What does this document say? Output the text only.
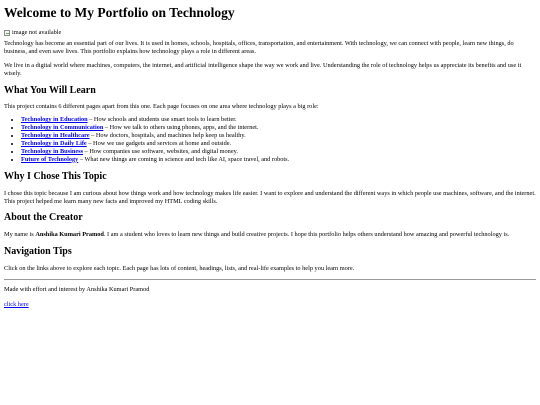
Welcome to My Portfolio on Technology
image not available

Technology has become an essential part of our lives. It is used in homes, schools, hospitals, offices, transportation, and entertainment. With technology, we can connect with people, learn new things, do business, and even save lives. This portfolio explains how technology plays a role in different areas.

We live in a digital world where machines, computers, the internet, and artificial intelligence shape the way we work and live. Understanding the role of technology helps us appreciate its benefits and use it wisely.

What You Will Learn

This project contains 6 different pages apart from this one. Each page focuses on one area where technology plays a big role:

• Technology in Education – How schools and students use smart tools to learn better.
• Technology in Communication – How we talk to others using phones, apps, and the internet.
• Technology in Healthcare – How doctors, hospitals, and machines help keep us healthy.
• Technology in Daily Life – How we use gadgets and services at home and outside.
• Technology in Business – How companies use software, websites, and digital money.
• Future of Technology – What new things are coming in science and tech like AI, space travel, and robots.
Why I Chose This Topic

I chose this topic because I am curious about how things work and how technology makes life easier. I want to explore and understand the different ways in which people use machines, software, and the internet. This project helped me learn many new facts and improved my HTML coding skills.

About the Creator

My name is Anshika Kumari Pramod. I am a student who loves to learn new things and build creative projects. I hope this portfolio helps others understand how amazing and powerful technology is.

Navigation Tips

Click on the links above to explore each topic. Each page has lots of content, headings, lists, and real-life examples to help you learn more.

Made with effort and interest by Anshika Kumari Pramod

click here
